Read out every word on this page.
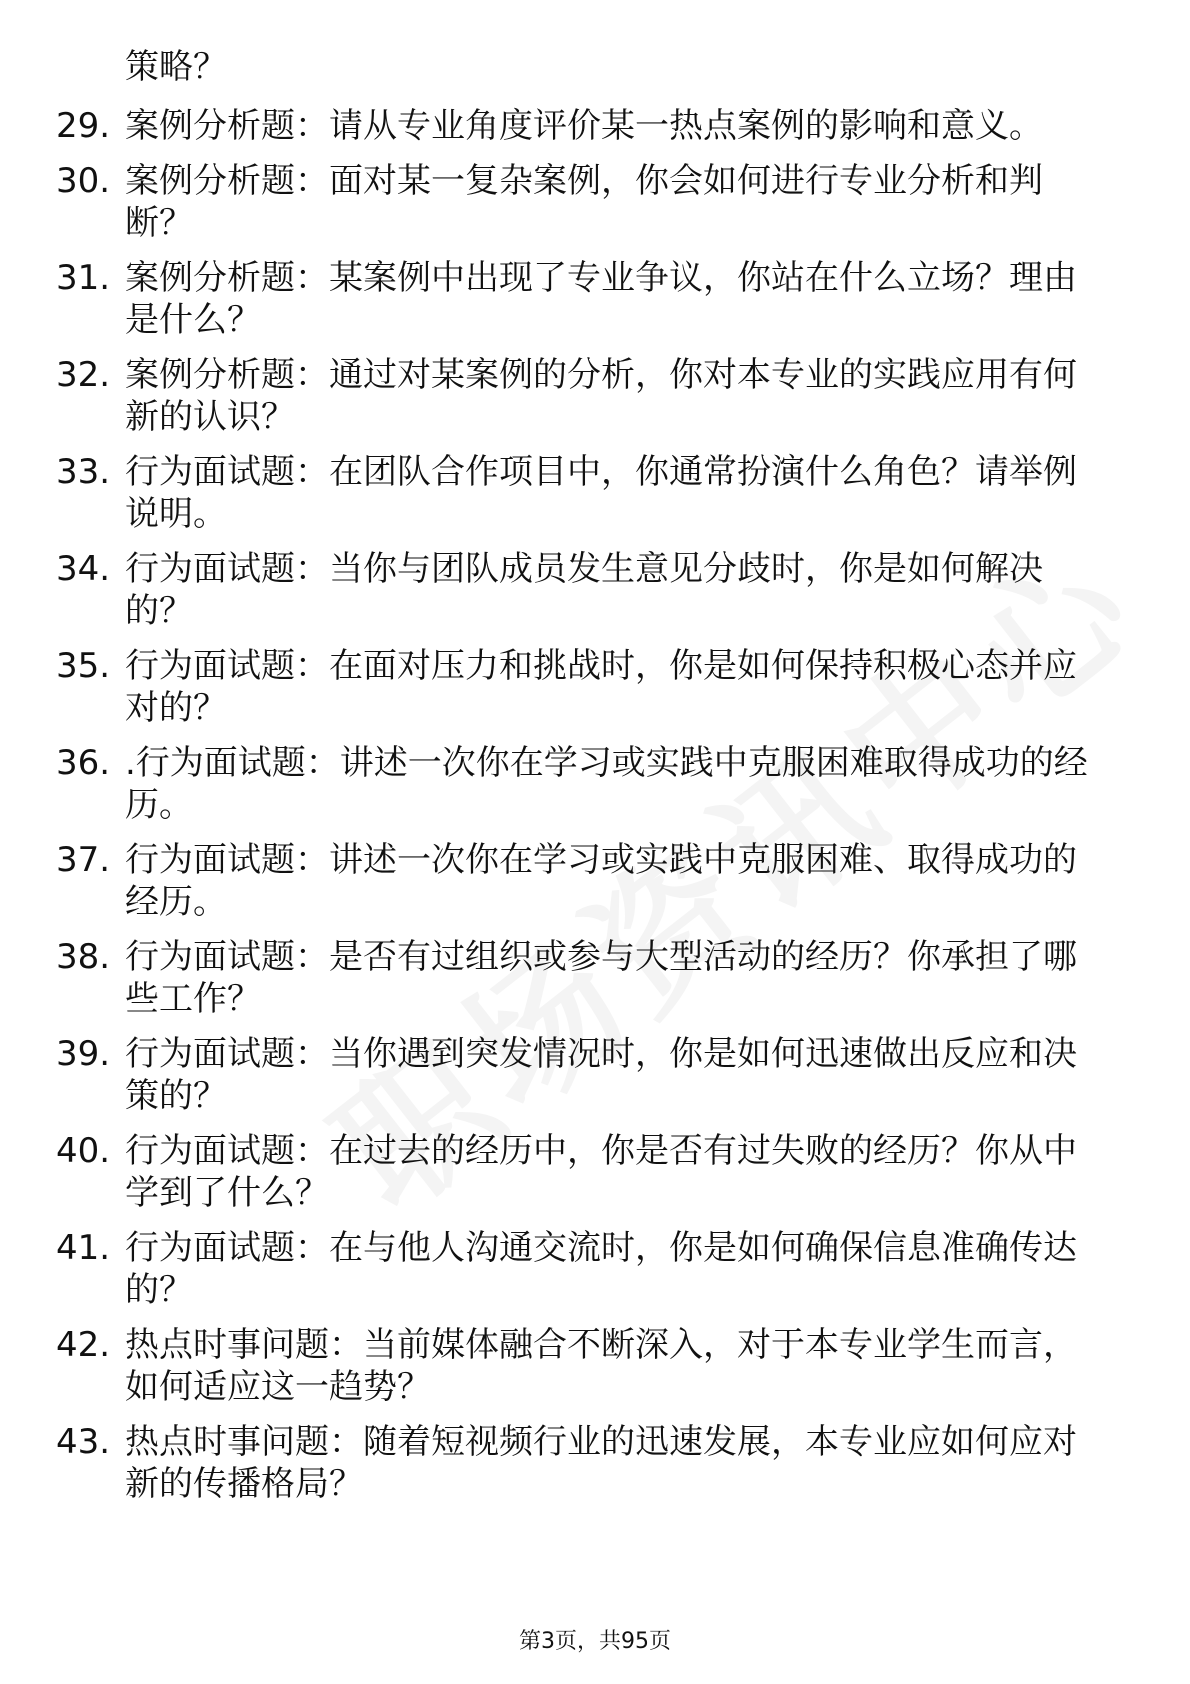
策略？
29. 案例分析题：请从专业角度评价某一热点案例的影响和意义。
30. 案例分析题：面对某一复杂案例，你会如何进行专业分析和判
断？
31. 案例分析题：某案例中出现了专业争议，你站在什么立场？理由
是什么？
32. 案例分析题：通过对某案例的分析，你对本专业的实践应用有何
新的认识？
33. 行为面试题：在团队合作项目中，你通常扮演什么角色？请举例
说明。
34. 行为面试题：当你与团队成员发生意见分歧时，你是如何解决
的？
35. 行为面试题：在面对压力和挑战时，你是如何保持积极心态并应
对的？
36. .行为面试题：讲述一次你在学习或实践中克服困难取得成功的经
历。
37. 行为面试题：讲述一次你在学习或实践中克服困难、取得成功的
经历。
38. 行为面试题：是否有过组织或参与大型活动的经历？你承担了哪
些工作？
39. 行为面试题：当你遇到突发情况时，你是如何迅速做出反应和决
策的？
40. 行为面试题：在过去的经历中，你是否有过失败的经历？你从中
学到了什么？
41. 行为面试题：在与他人沟通交流时，你是如何确保信息准确传达
的？
42. 热点时事问题：当前媒体融合不断深入，对于本专业学生而言，
如何适应这一趋势？
43. 热点时事问题：随着短视频行业的迅速发展，本专业应如何应对
新的传播格局？
第3页，共95页
